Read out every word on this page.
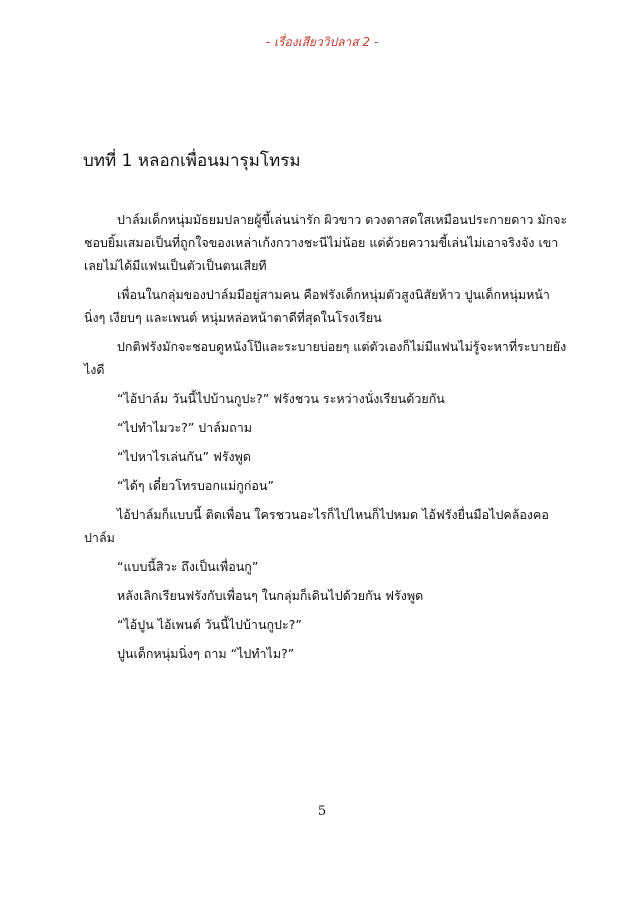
- เรื่องเสียววิปลาส 2 -
บทที่ 1 หลอกเพื่อนมารุมโทรม

ปาล์มเด็กหนุ่มมัธยมปลายผู้ขี้เล่นน่ารัก ผิวขาว ดวงตาสดใสเหมือนประกายดาว มักจะชอบยิ้มเสมอเป็นที่ถูกใจของเหล่าเก้งกวางชะนีไม่น้อย แต่ด้วยความขี้เล่นไม่เอาจริงจัง เขาเลยไม่ได้มีแฟนเป็นตัวเป็นตนเสียที

เพื่อนในกลุ่มของปาล์มมีอยู่สามคน คือฟรังเด็กหนุ่มตัวสูงนิสัยห้าว ปูนเด็กหนุ่มหน้านิ่งๆ เงียบๆ และเพนต์ หนุ่มหล่อหน้าตาดีที่สุดในโรงเรียน

ปกติฟรังมักจะชอบดูหนังโป๊และระบายบ่อยๆ แต่ตัวเองก็ไม่มีแฟนไม่รู้จะหาที่ระบายยังไงดี

“ไอ้ปาล์ม วันนี้ไปบ้านกูปะ?” ฟรังชวน ระหว่างนั่งเรียนด้วยกัน

“ไปทำไมวะ?” ปาล์มถาม

“ไปหาไรเล่นกัน” ฟรังพูด

“ได้ๆ เดี๋ยวโทรบอกแม่กูก่อน”

ไอ้ปาล์มก็แบบนี้ ติดเพื่อน ใครชวนอะไรก็ไปไหนก็ไปหมด ไอ้ฟรังยื่นมือไปคล้องคอปาล์ม

“แบบนี้สิวะ ถึงเป็นเพื่อนกู”

หลังเลิกเรียนฟรังกับเพื่อนๆ ในกลุ่มก็เดินไปด้วยกัน ฟรังพูด

“ไอ้ปูน ไอ้เพนต์ วันนี้ไปบ้านกูปะ?”

ปูนเด็กหนุ่มนิ่งๆ ถาม “ไปทำไม?”

5
